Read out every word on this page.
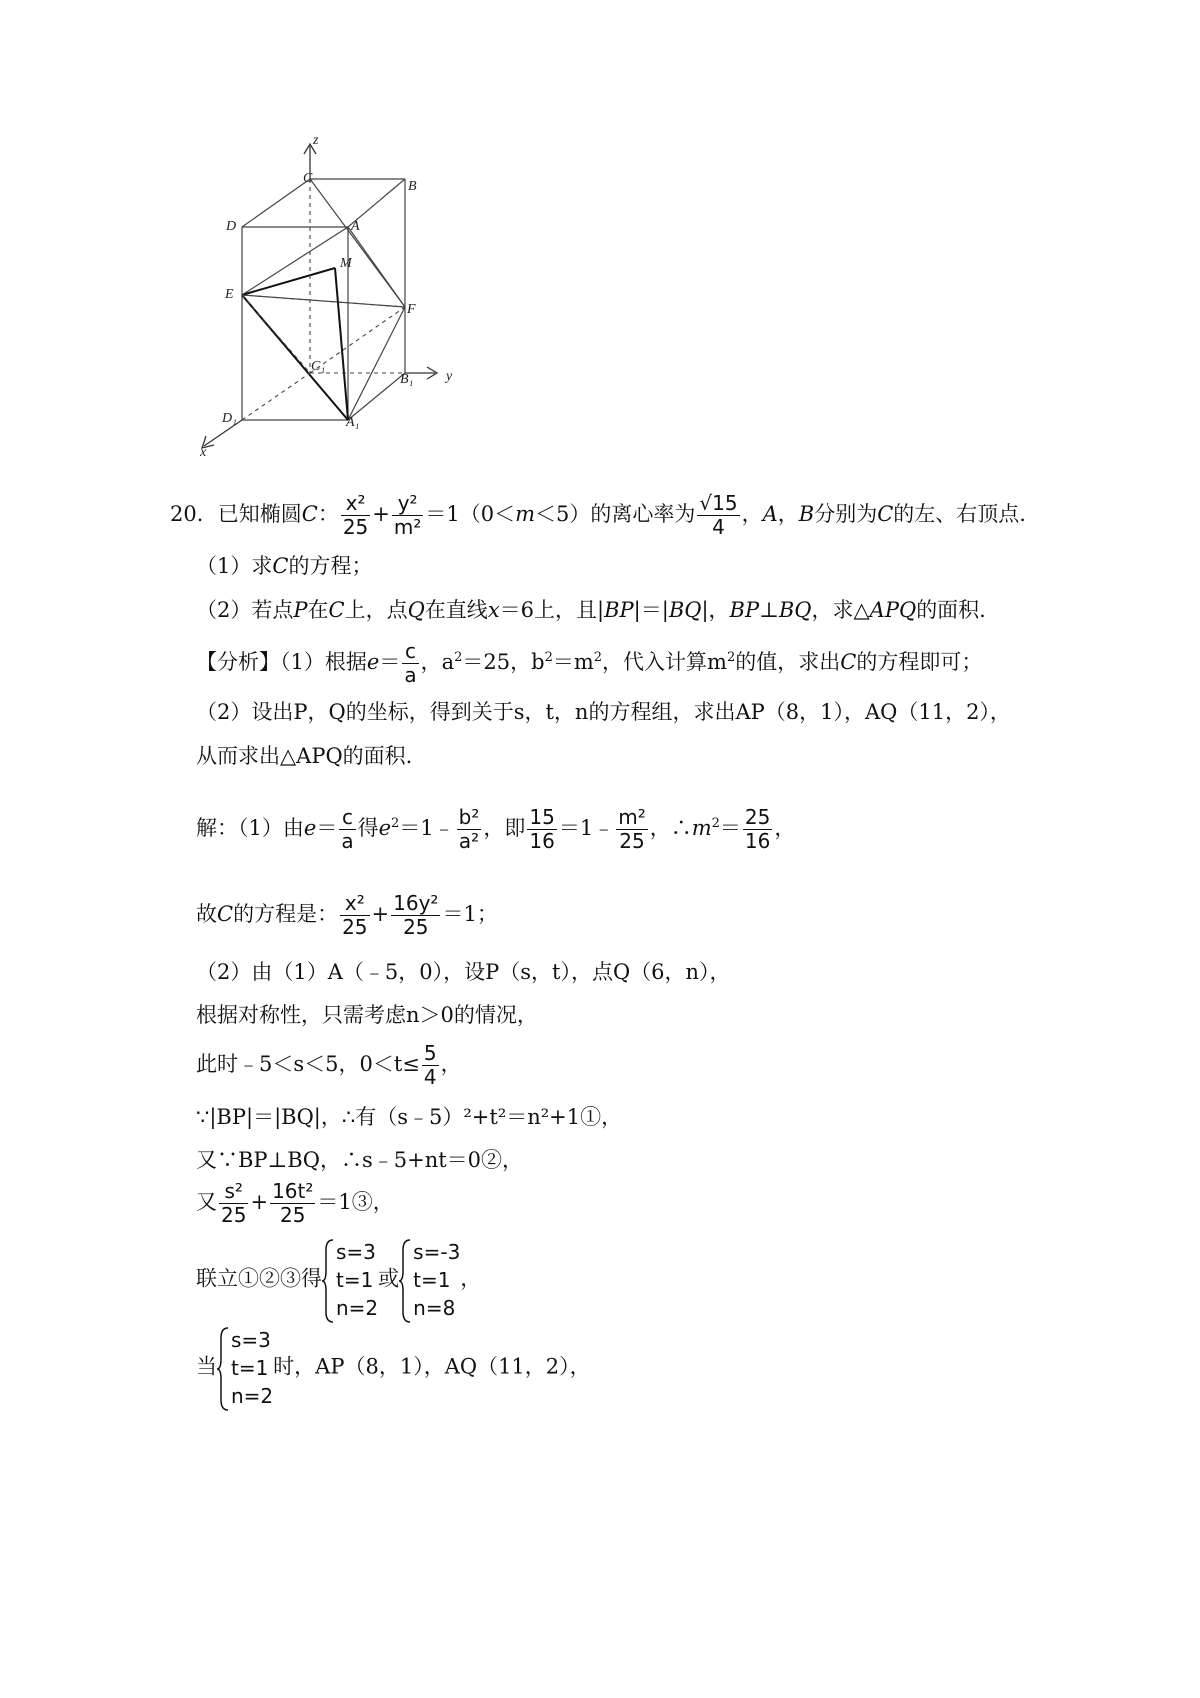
z
C
B
D	A
M
E
F
C₁
B₁ y
D₁	A₁
x
20．已知椭圆C： $\frac{\text{x²}}{25} + \frac{\text{y²}}{\text{m²}} =1(0<m<5)$的离心率为 $\frac{√15}{4}$ ，A，B分别为C的左、右顶点.
（1）求C的方程；
（2）若点P在C上，点Q在直线x＝6上，且|BP|＝|BQ|，BP⊥BQ，求△APQ的面积.
【分析】（1）根据$e= \frac{c}{a}$ ，$a^2=25$，$b^2=m^2$，代入计算$m^2$的值，求出C的方程即可；
（2）设出P，Q的坐标，得到关于s，t，n的方程组，求出AP（8，1），AQ（11，2），
从而求出△APQ的面积.
解：（1）由$e= \frac{c}{a}$ 得$e^2=1﹣ \frac{\text{b²}}{\text{a²}}$ ，即 $\frac{15}{16}$ ＝1﹣ $\frac{\text{m²}}{25}$ ，$\therefore m^2= \frac{25}{16}$ ，
故C的方程是： $\frac{\text{x²}}{25} + \frac{\text{16y²}}{25} =1$；
（2）由（1）A（﹣5，0），设P（s，t），点Q（6，n），
根据对称性，只需考虑n＞0的情况，
此时﹣5＜s＜5，$0<t\le \frac{5}{4}$ ，
∵|BP|＝|BQ|，∴有（s﹣5）²+t²＝n²+1①，
又∵BP⊥BQ，∴s﹣5+nt＝0②，
又 $\frac{\text{s²}}{25} + \frac{\text{16t²}}{25}$ ＝1③，
联立①②③得
s=3
t=1
n=2
或
s=-3
t=1
n=8
，
当
s=3
t=1
n=2
时，AP（8，1），AQ（11，2），
